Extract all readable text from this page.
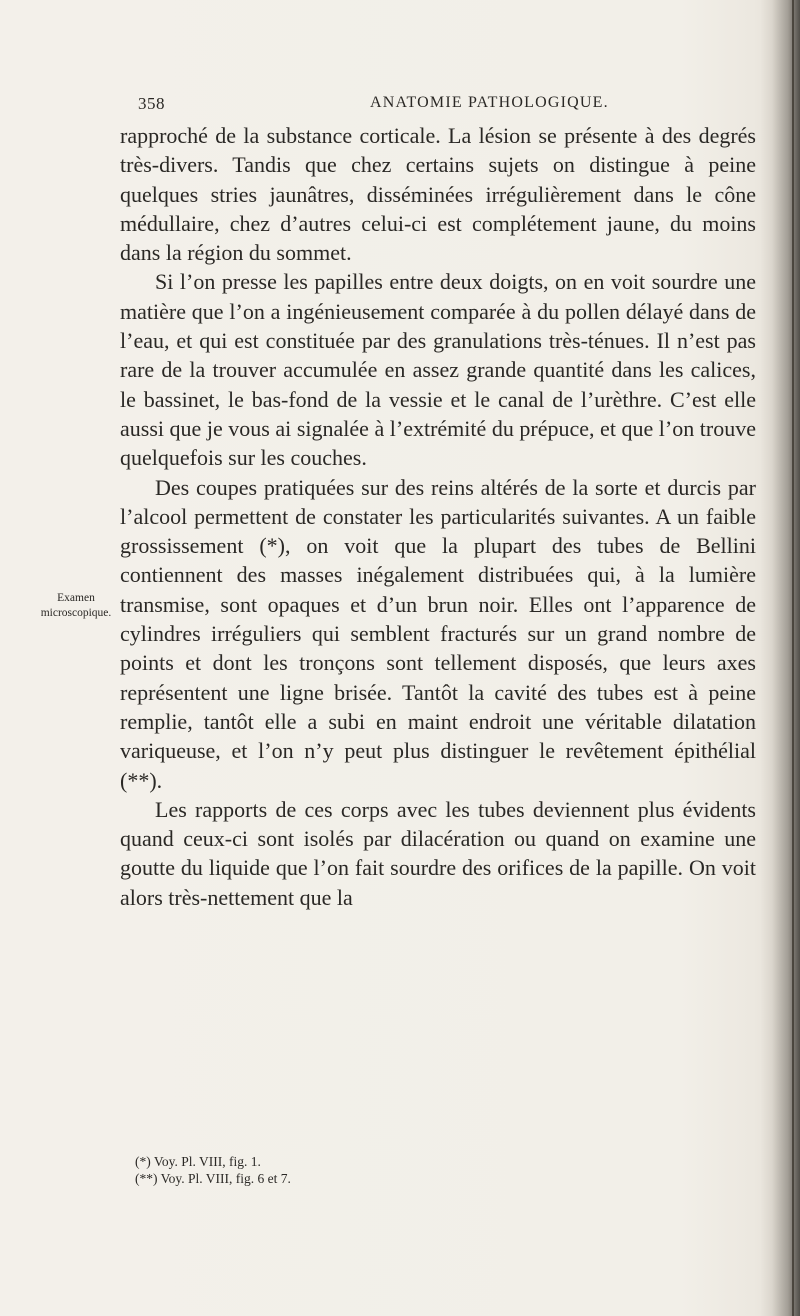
358	ANATOMIE PATHOLOGIQUE.
Examen
microscopique.

rapproché de la substance corticale. La lésion se présente à des degrés très-divers. Tandis que chez certains sujets on distingue à peine quelques stries jaunâtres, disséminées irrégulièrement dans le cône médullaire, chez d’autres celui-ci est complétement jaune, du moins dans la région du sommet.

Si l’on presse les papilles entre deux doigts, on en voit sourdre une matière que l’on a ingénieusement comparée à du pollen délayé dans de l’eau, et qui est constituée par des granulations très-ténues. Il n’est pas rare de la trouver accumulée en assez grande quantité dans les calices, le bassinet, le bas-fond de la vessie et le canal de l’urèthre. C’est elle aussi que je vous ai signalée à l’extrémité du prépuce, et que l’on trouve quelquefois sur les couches.

Des coupes pratiquées sur des reins altérés de la sorte et durcis par l’alcool permettent de constater les particularités suivantes. A un faible grossissement (*), on voit que la plupart des tubes de Bellini contiennent des masses inégalement distribuées qui, à la lumière transmise, sont opaques et d’un brun noir. Elles ont l’apparence de cylindres irréguliers qui semblent fracturés sur un grand nombre de points et dont les tronçons sont tellement disposés, que leurs axes représentent une ligne brisée. Tantôt la cavité des tubes est à peine remplie, tantôt elle a subi en maint endroit une véritable dilatation variqueuse, et l’on n’y peut plus distinguer le revêtement épithélial (**).

Les rapports de ces corps avec les tubes deviennent plus évidents quand ceux-ci sont isolés par dilacération ou quand on examine une goutte du liquide que l’on fait sourdre des orifices de la papille. On voit alors très-nettement que la

(*) Voy. Pl. VIII, fig. 1.

(**) Voy. Pl. VIII, fig. 6 et 7.
